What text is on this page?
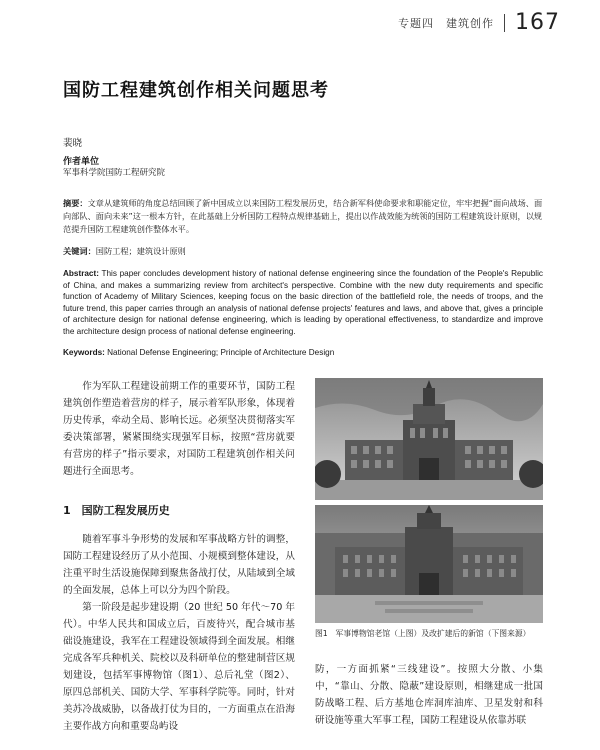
专题四　建筑创作 167
国防工程建筑创作相关问题思考
裴晓
作者单位
军事科学院国防工程研究院

摘要：文章从建筑师的角度总结回顾了新中国成立以来国防工程发展历史，结合新军科使命要求和职能定位，牢牢把握“面向战场、面向部队、面向未来”这一根本方针，在此基础上分析国防工程特点规律基础上，提出以作战效能为统领的国防工程建筑设计原则，以规范提升国防工程建筑创作整体水平。

关键词：国防工程；建筑设计原则

Abstract: This paper concludes development history of national defense engineering since the foundation of the People's Republic of China, and makes a summarizing review from architect's perspective. Combine with the new duty requirements and specific function of Academy of Military Sciences, keeping focus on the basic direction of the battlefield role, the needs of troops, and the future trend, this paper carries through an analysis of national defense projects' features and laws, and above that, gives a principle of architecture design for national defense engineering, which is leading by operational effectiveness, to standardize and improve the architecture design process of national defense engineering.

Keywords: National Defense Engineering; Principle of Architecture Design

作为军队工程建设前期工作的重要环节，国防工程建筑创作塑造着营房的样子，展示着军队形象，体现着历史传承，牵动全局、影响长远。必须坚决贯彻落实军委决策部署，紧紧围绕实现强军目标，按照“营房就要有营房的样子”指示要求，对国防工程建筑创作相关问题进行全面思考。

1　国防工程发展历史

随着军事斗争形势的发展和军事战略方针的调整，国防工程建设经历了从小范围、小规模到整体建设，从注重平时生活设施保障到聚焦备战打仗，从陆域到全域的全面发展，总体上可以分为四个阶段。

第一阶段是起步建设期（20 世纪 50 年代～70 年代）。中华人民共和国成立后，百废待兴，配合城市基础设施建设，我军在工程建设领域得到全面发展。相继完成各军兵种机关、院校以及科研单位的整建制营区规划建设，包括军事博物馆（图1）、总后礼堂（图2）、原四总部机关、国防大学、军事科学院等。同时，针对美苏冷战威胁，以备战打仗为目的，一方面重点在沿海主要作战方向和重要岛屿设

图1　军事博物馆老馆（上图）及改扩建后的新馆（下图来源）

防，一方面抓紧“三线建设”。按照大分散、小集中，“靠山、分散、隐蔽”建设原则，相继建成一批国防战略工程、后方基地仓库洞库油库、卫星发射和科研设施等重大军事工程，国防工程建设从依靠苏联
